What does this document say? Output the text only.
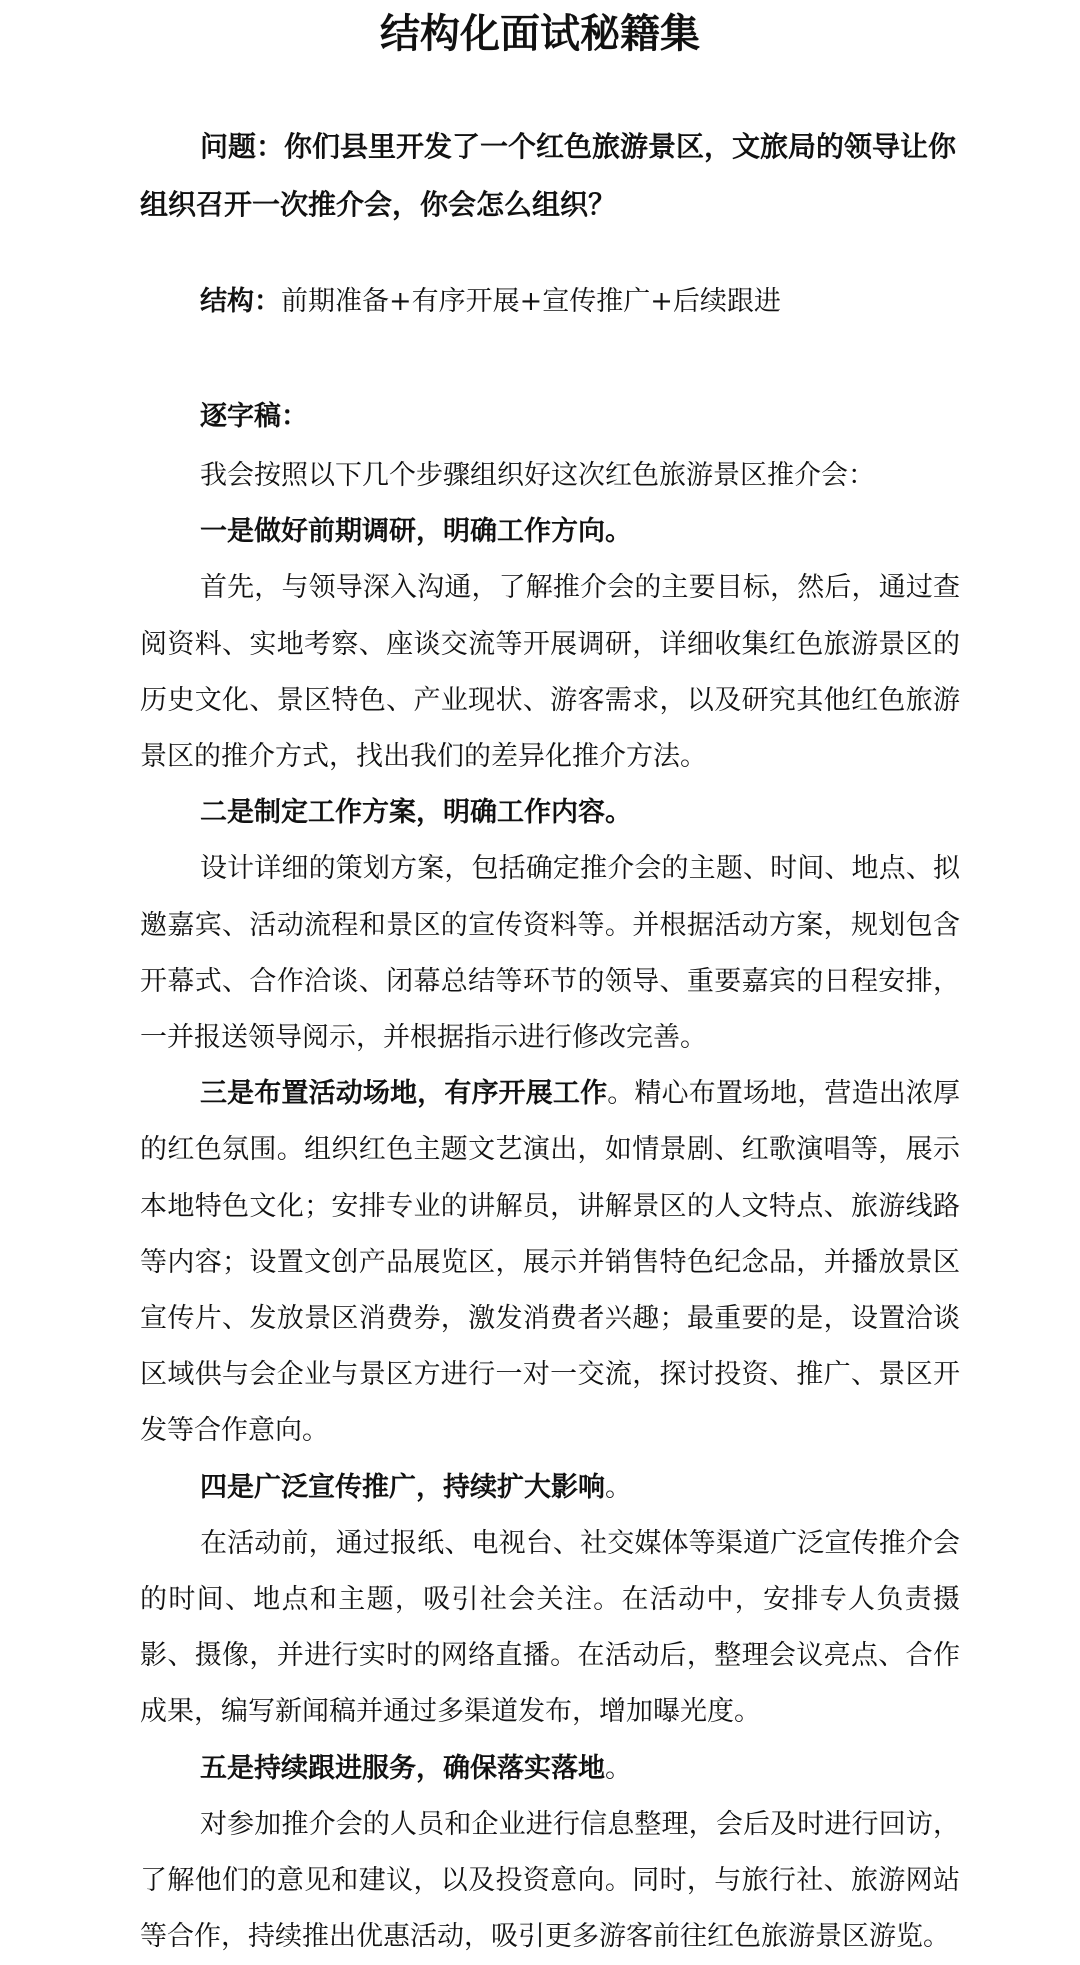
结构化面试秘籍集
问题：你们县里开发了一个红色旅游景区，文旅局的领导让你组织召开一次推介会，你会怎么组织？
结构：前期准备+有序开展+宣传推广+后续跟进
逐字稿：

我会按照以下几个步骤组织好这次红色旅游景区推介会：

一是做好前期调研，明确工作方向。

首先，与领导深入沟通，了解推介会的主要目标，然后，通过查阅资料、实地考察、座谈交流等开展调研，详细收集红色旅游景区的历史文化、景区特色、产业现状、游客需求，以及研究其他红色旅游景区的推介方式，找出我们的差异化推介方法。

二是制定工作方案，明确工作内容。

设计详细的策划方案，包括确定推介会的主题、时间、地点、拟邀嘉宾、活动流程和景区的宣传资料等。并根据活动方案，规划包含开幕式、合作洽谈、闭幕总结等环节的领导、重要嘉宾的日程安排，一并报送领导阅示，并根据指示进行修改完善。

三是布置活动场地，有序开展工作。精心布置场地，营造出浓厚的红色氛围。组织红色主题文艺演出，如情景剧、红歌演唱等，展示本地特色文化；安排专业的讲解员，讲解景区的人文特点、旅游线路等内容；设置文创产品展览区，展示并销售特色纪念品，并播放景区宣传片、发放景区消费券，激发消费者兴趣；最重要的是，设置洽谈区域供与会企业与景区方进行一对一交流，探讨投资、推广、景区开发等合作意向。

四是广泛宣传推广，持续扩大影响。

在活动前，通过报纸、电视台、社交媒体等渠道广泛宣传推介会的时间、地点和主题，吸引社会关注。在活动中，安排专人负责摄影、摄像，并进行实时的网络直播。在活动后，整理会议亮点、合作成果，编写新闻稿并通过多渠道发布，增加曝光度。

五是持续跟进服务，确保落实落地。

对参加推介会的人员和企业进行信息整理，会后及时进行回访，了解他们的意见和建议，以及投资意向。同时，与旅行社、旅游网站等合作，持续推出优惠活动，吸引更多游客前往红色旅游景区游览。
